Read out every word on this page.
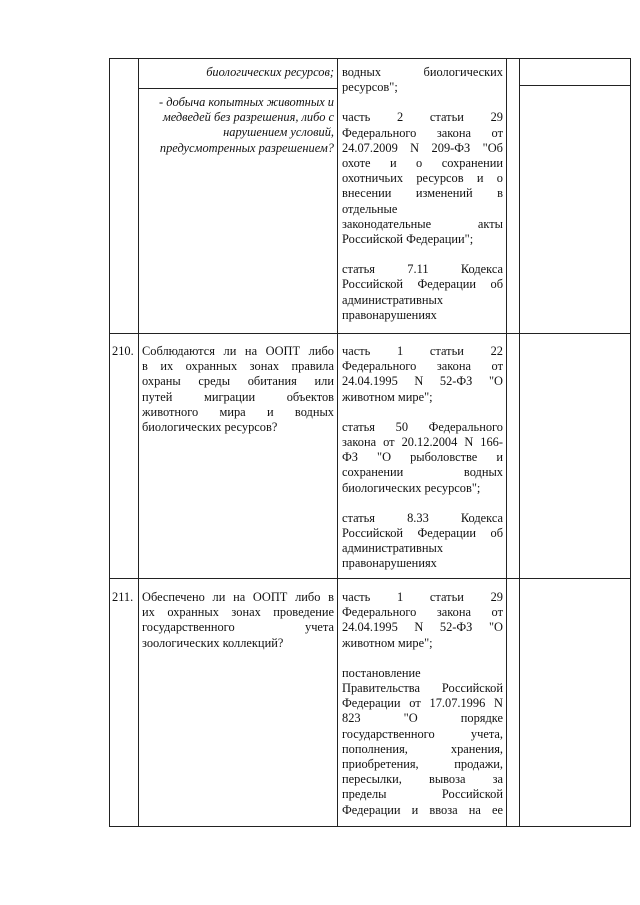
биологических ресурсов;
- добыча копытных животных и
медведей без разрешения, либо с
нарушением условий,
предусмотренных разрешением?
водных биологических
ресурсов";
часть 2 статьи 29
Федерального закона от
24.07.2009 N 209-ФЗ "Об
охоте и о сохранении
охотничьих ресурсов и о
внесении изменений в
отдельные
законодательные акты
Российской Федерации";
статья 7.11 Кодекса
Российской Федерации об
административных
правонарушениях
210. Соблюдаются ли на ООПТ либо
в их охранных зонах правила
охраны среды обитания или
путей миграции объектов
животного мира и водных
биологических ресурсов?
часть 1 статьи 22
Федерального закона от
24.04.1995 N 52-ФЗ "О
животном мире";
статья 50 Федерального
закона от 20.12.2004 N 166-
ФЗ "О рыболовстве и
сохранении водных
биологических ресурсов";
статья 8.33 Кодекса
Российской Федерации об
административных
правонарушениях
211. Обеспечено ли на ООПТ либо в
их охранных зонах проведение
государственного учета
зоологических коллекций?
часть 1 статьи 29
Федерального закона от
24.04.1995 N 52-ФЗ "О
животном мире";
постановление
Правительства Российской
Федерации от 17.07.1996 N
823 "О порядке
государственного учета,
пополнения, хранения,
приобретения, продажи,
пересылки, вывоза за
пределы Российской
Федерации и ввоза на ее
